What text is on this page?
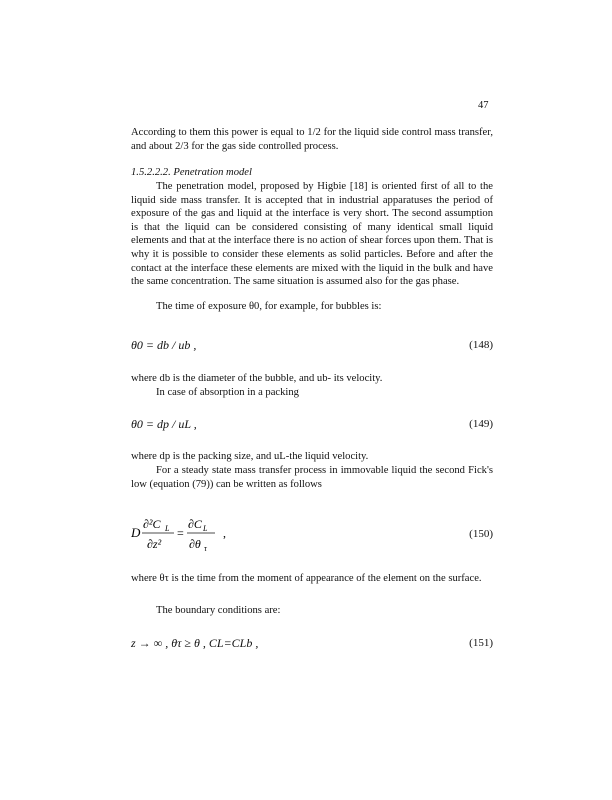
47
According to them this power is equal to 1/2 for the liquid side control mass transfer, and about 2/3 for the gas side controlled process.
1.5.2.2.2. Penetration model
The penetration model, proposed by Higbie [18] is oriented first of all to the liquid side mass transfer. It is accepted that in industrial apparatuses the period of exposure of the gas and liquid at the interface is very short. The second assumption is that the liquid can be considered consisting of many identical small liquid elements and that at the interface there is no action of shear forces upon them. That is why it is possible to consider these elements as solid particles. Before and after the contact at the interface these elements are mixed with the liquid in the bulk and have the same concentration. The same situation is assumed also for the gas phase.
The time of exposure θ0, for example, for bubbles is:
θ0 = db / ub ,	(148)
where db is the diameter of the bubble, and ub- its velocity.
In case of absorption in a packing
θ0 = dp / uL ,	(149)
where dp is the packing size, and uL-the liquid velocity.
For a steady state mass transfer process in immovable liquid the second Fick's low (equation (79)) can be written as follows
D
∂²C L
∂z²
=
∂C L
∂θ τ
,	(150)
where θτ is the time from the moment of appearance of the element on the surface.
The boundary conditions are:
z → ∞ , θτ ≥ θ , CL=CLb ,	(151)
